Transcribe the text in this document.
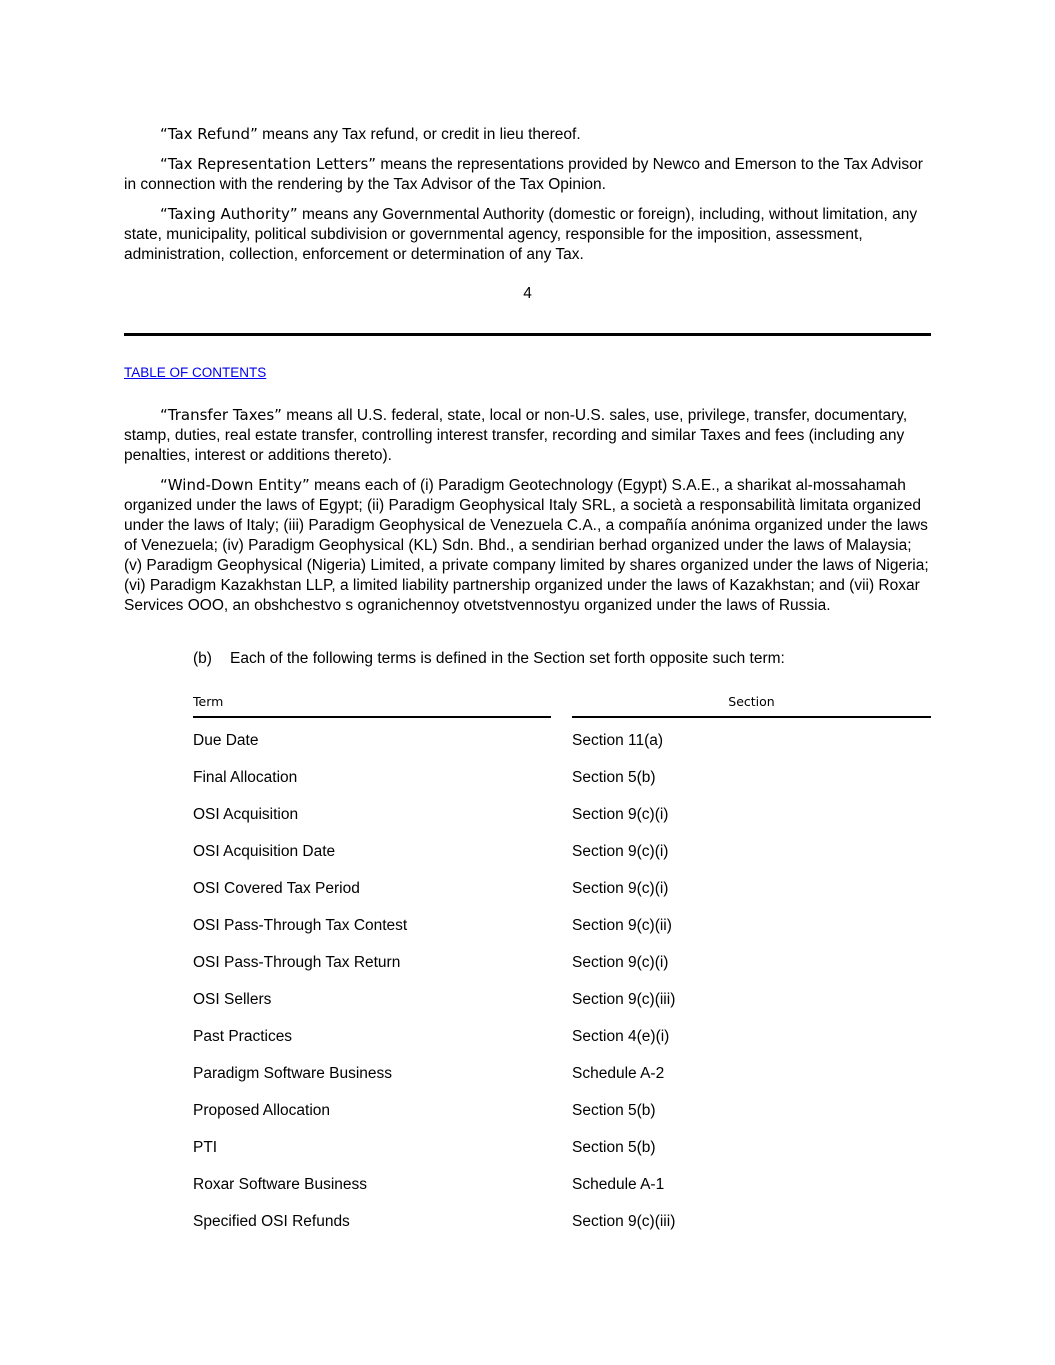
“Tax Refund” means any Tax refund, or credit in lieu thereof.

“Tax Representation Letters” means the representations provided by Newco and Emerson to the Tax Advisor in connection with the rendering by the Tax Advisor of the Tax Opinion.

“Taxing Authority” means any Governmental Authority (domestic or foreign), including, without limitation, any state, municipality, political subdivision or governmental agency, responsible for the imposition, assessment, administration, collection, enforcement or determination of any Tax.

4
TABLE OF CONTENTS

“Transfer Taxes” means all U.S. federal, state, local or non-U.S. sales, use, privilege, transfer, documentary, stamp, duties, real estate transfer, controlling interest transfer, recording and similar Taxes and fees (including any penalties, interest or additions thereto).

“Wind-Down Entity” means each of (i) Paradigm Geotechnology (Egypt) S.A.E., a sharikat al-mossahamah organized under the laws of Egypt; (ii) Paradigm Geophysical Italy SRL, a società a responsabilità limitata organized under the laws of Italy; (iii) Paradigm Geophysical de Venezuela C.A., a compañía anónima organized under the laws of Venezuela; (iv) Paradigm Geophysical (KL) Sdn. Bhd., a sendirian berhad organized under the laws of Malaysia; (v) Paradigm Geophysical (Nigeria) Limited, a private company limited by shares organized under the laws of Nigeria; (vi) Paradigm Kazakhstan LLP, a limited liability partnership organized under the laws of Kazakhstan; and (vii) Roxar Services OOO, an obshchestvo s ogranichennoy otvetstvennostyu organized under the laws of Russia.

(b) Each of the following terms is defined in the Section set forth opposite such term:
Term	Section
Due Date	Section 11(a)
Final Allocation	Section 5(b)
OSI Acquisition	Section 9(c)(i)
OSI Acquisition Date	Section 9(c)(i)
OSI Covered Tax Period	Section 9(c)(i)
OSI Pass-Through Tax Contest	Section 9(c)(ii)
OSI Pass-Through Tax Return	Section 9(c)(i)
OSI Sellers	Section 9(c)(iii)
Past Practices	Section 4(e)(i)
Paradigm Software Business	Schedule A-2
Proposed Allocation	Section 5(b)
PTI	Section 5(b)
Roxar Software Business	Schedule A-1
Specified OSI Refunds	Section 9(c)(iii)
